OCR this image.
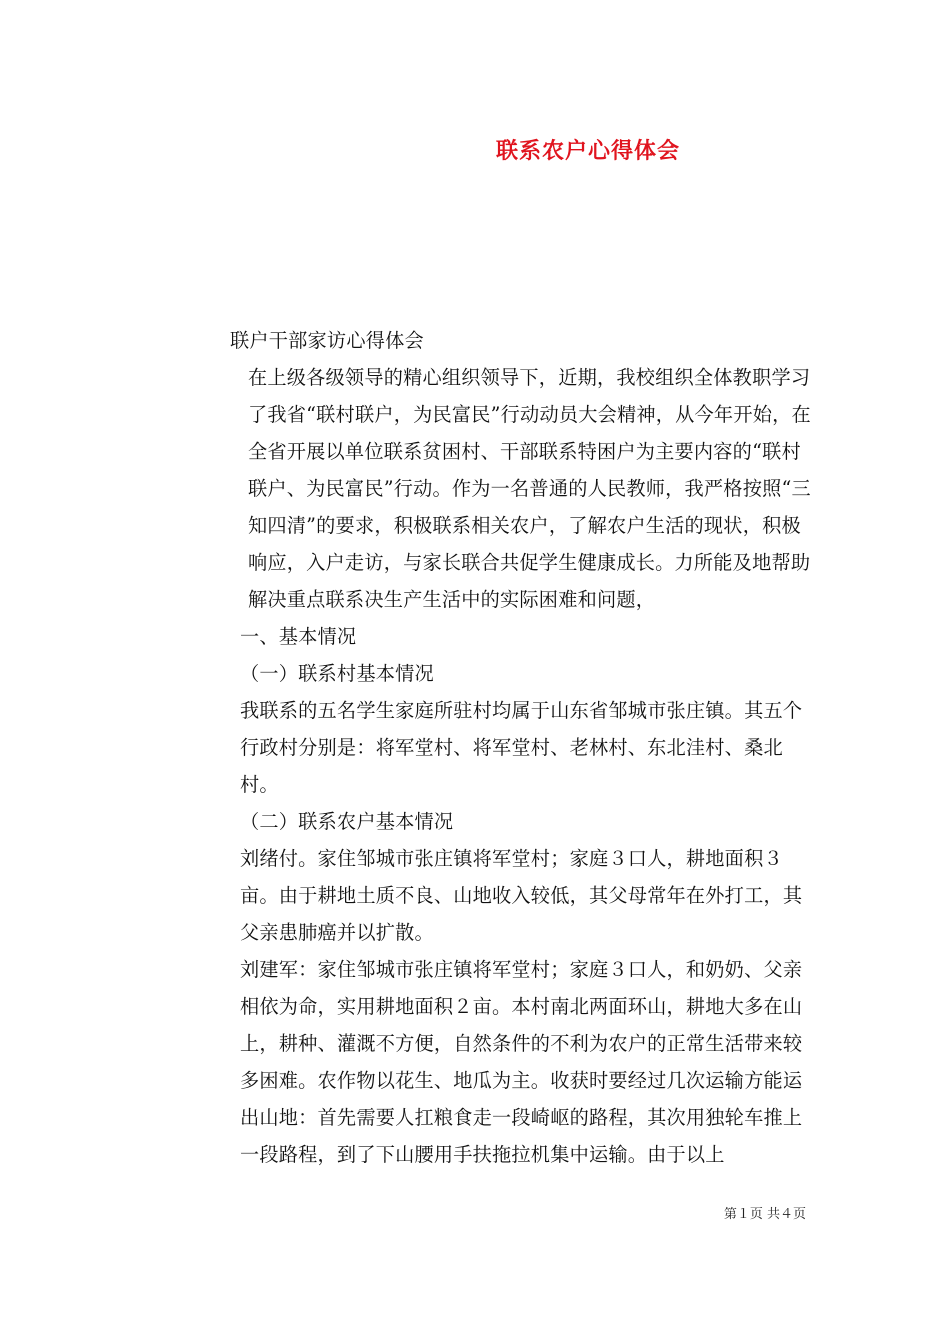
联系农户心得体会

联户干部家访心得体会

在上级各级领导的精心组织领导下，近期，我校组织全体教职学习了我省“联村联户，为民富民”行动动员大会精神，从今年开始，在全省开展以单位联系贫困村、干部联系特困户为主要内容的“联村联户、为民富民”行动。作为一名普通的人民教师，我严格按照“三知四清”的要求，积极联系相关农户，了解农户生活的现状，积极响应，入户走访，与家长联合共促学生健康成长。力所能及地帮助解决重点联系决生产生活中的实际困难和问题，

一、基本情况

（一）联系村基本情况

我联系的五名学生家庭所驻村均属于山东省邹城市张庄镇。其五个行政村分别是：将军堂村、将军堂村、老林村、东北洼村、桑北村。

（二）联系农户基本情况

刘绪付。家住邹城市张庄镇将军堂村；家庭３口人，耕地面积３亩。由于耕地土质不良、山地收入较低，其父母常年在外打工，其父亲患肺癌并以扩散。

刘建军：家住邹城市张庄镇将军堂村；家庭３口人，和奶奶、父亲相依为命，实用耕地面积２亩。本村南北两面环山，耕地大多在山上，耕种、灌溉不方便，自然条件的不利为农户的正常生活带来较多困难。农作物以花生、地瓜为主。收获时要经过几次运输方能运出山地：首先需要人扛粮食走一段崎岖的路程，其次用独轮车推上一段路程，到了下山腰用手扶拖拉机集中运输。由于以上

第１页 共４页
